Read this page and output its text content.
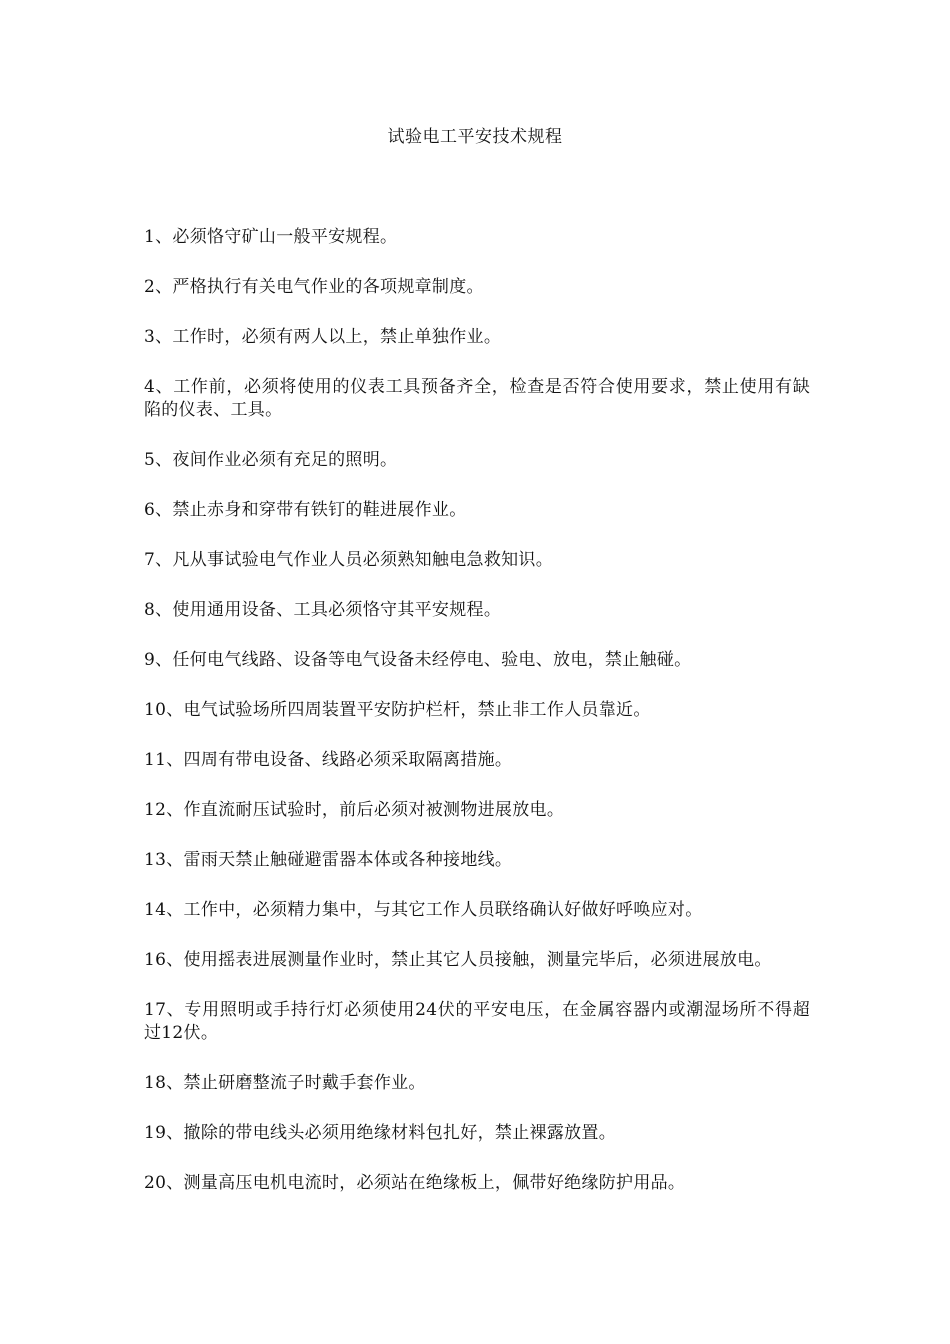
试验电工平安技术规程
1、必须恪守矿山一般平安规程。
2、严格执行有关电气作业的各项规章制度。
3、工作时，必须有两人以上，禁止单独作业。
4、工作前，必须将使用的仪表工具预备齐全，检查是否符合使用要求，禁止使用有缺陷的仪表、工具。
5、夜间作业必须有充足的照明。
6、禁止赤身和穿带有铁钉的鞋进展作业。
7、凡从事试验电气作业人员必须熟知触电急救知识。
8、使用通用设备、工具必须恪守其平安规程。
9、任何电气线路、设备等电气设备未经停电、验电、放电，禁止触碰。
10、电气试验场所四周装置平安防护栏杆，禁止非工作人员靠近。
11、四周有带电设备、线路必须采取隔离措施。
12、作直流耐压试验时，前后必须对被测物进展放电。
13、雷雨天禁止触碰避雷器本体或各种接地线。
14、工作中，必须精力集中，与其它工作人员联络确认好做好呼唤应对。
16、使用摇表进展测量作业时，禁止其它人员接触，测量完毕后，必须进展放电。
17、专用照明或手持行灯必须使用24伏的平安电压，在金属容器内或潮湿场所不得超过12伏。
18、禁止研磨整流子时戴手套作业。
19、撤除的带电线头必须用绝缘材料包扎好，禁止裸露放置。
20、测量高压电机电流时，必须站在绝缘板上，佩带好绝缘防护用品。
